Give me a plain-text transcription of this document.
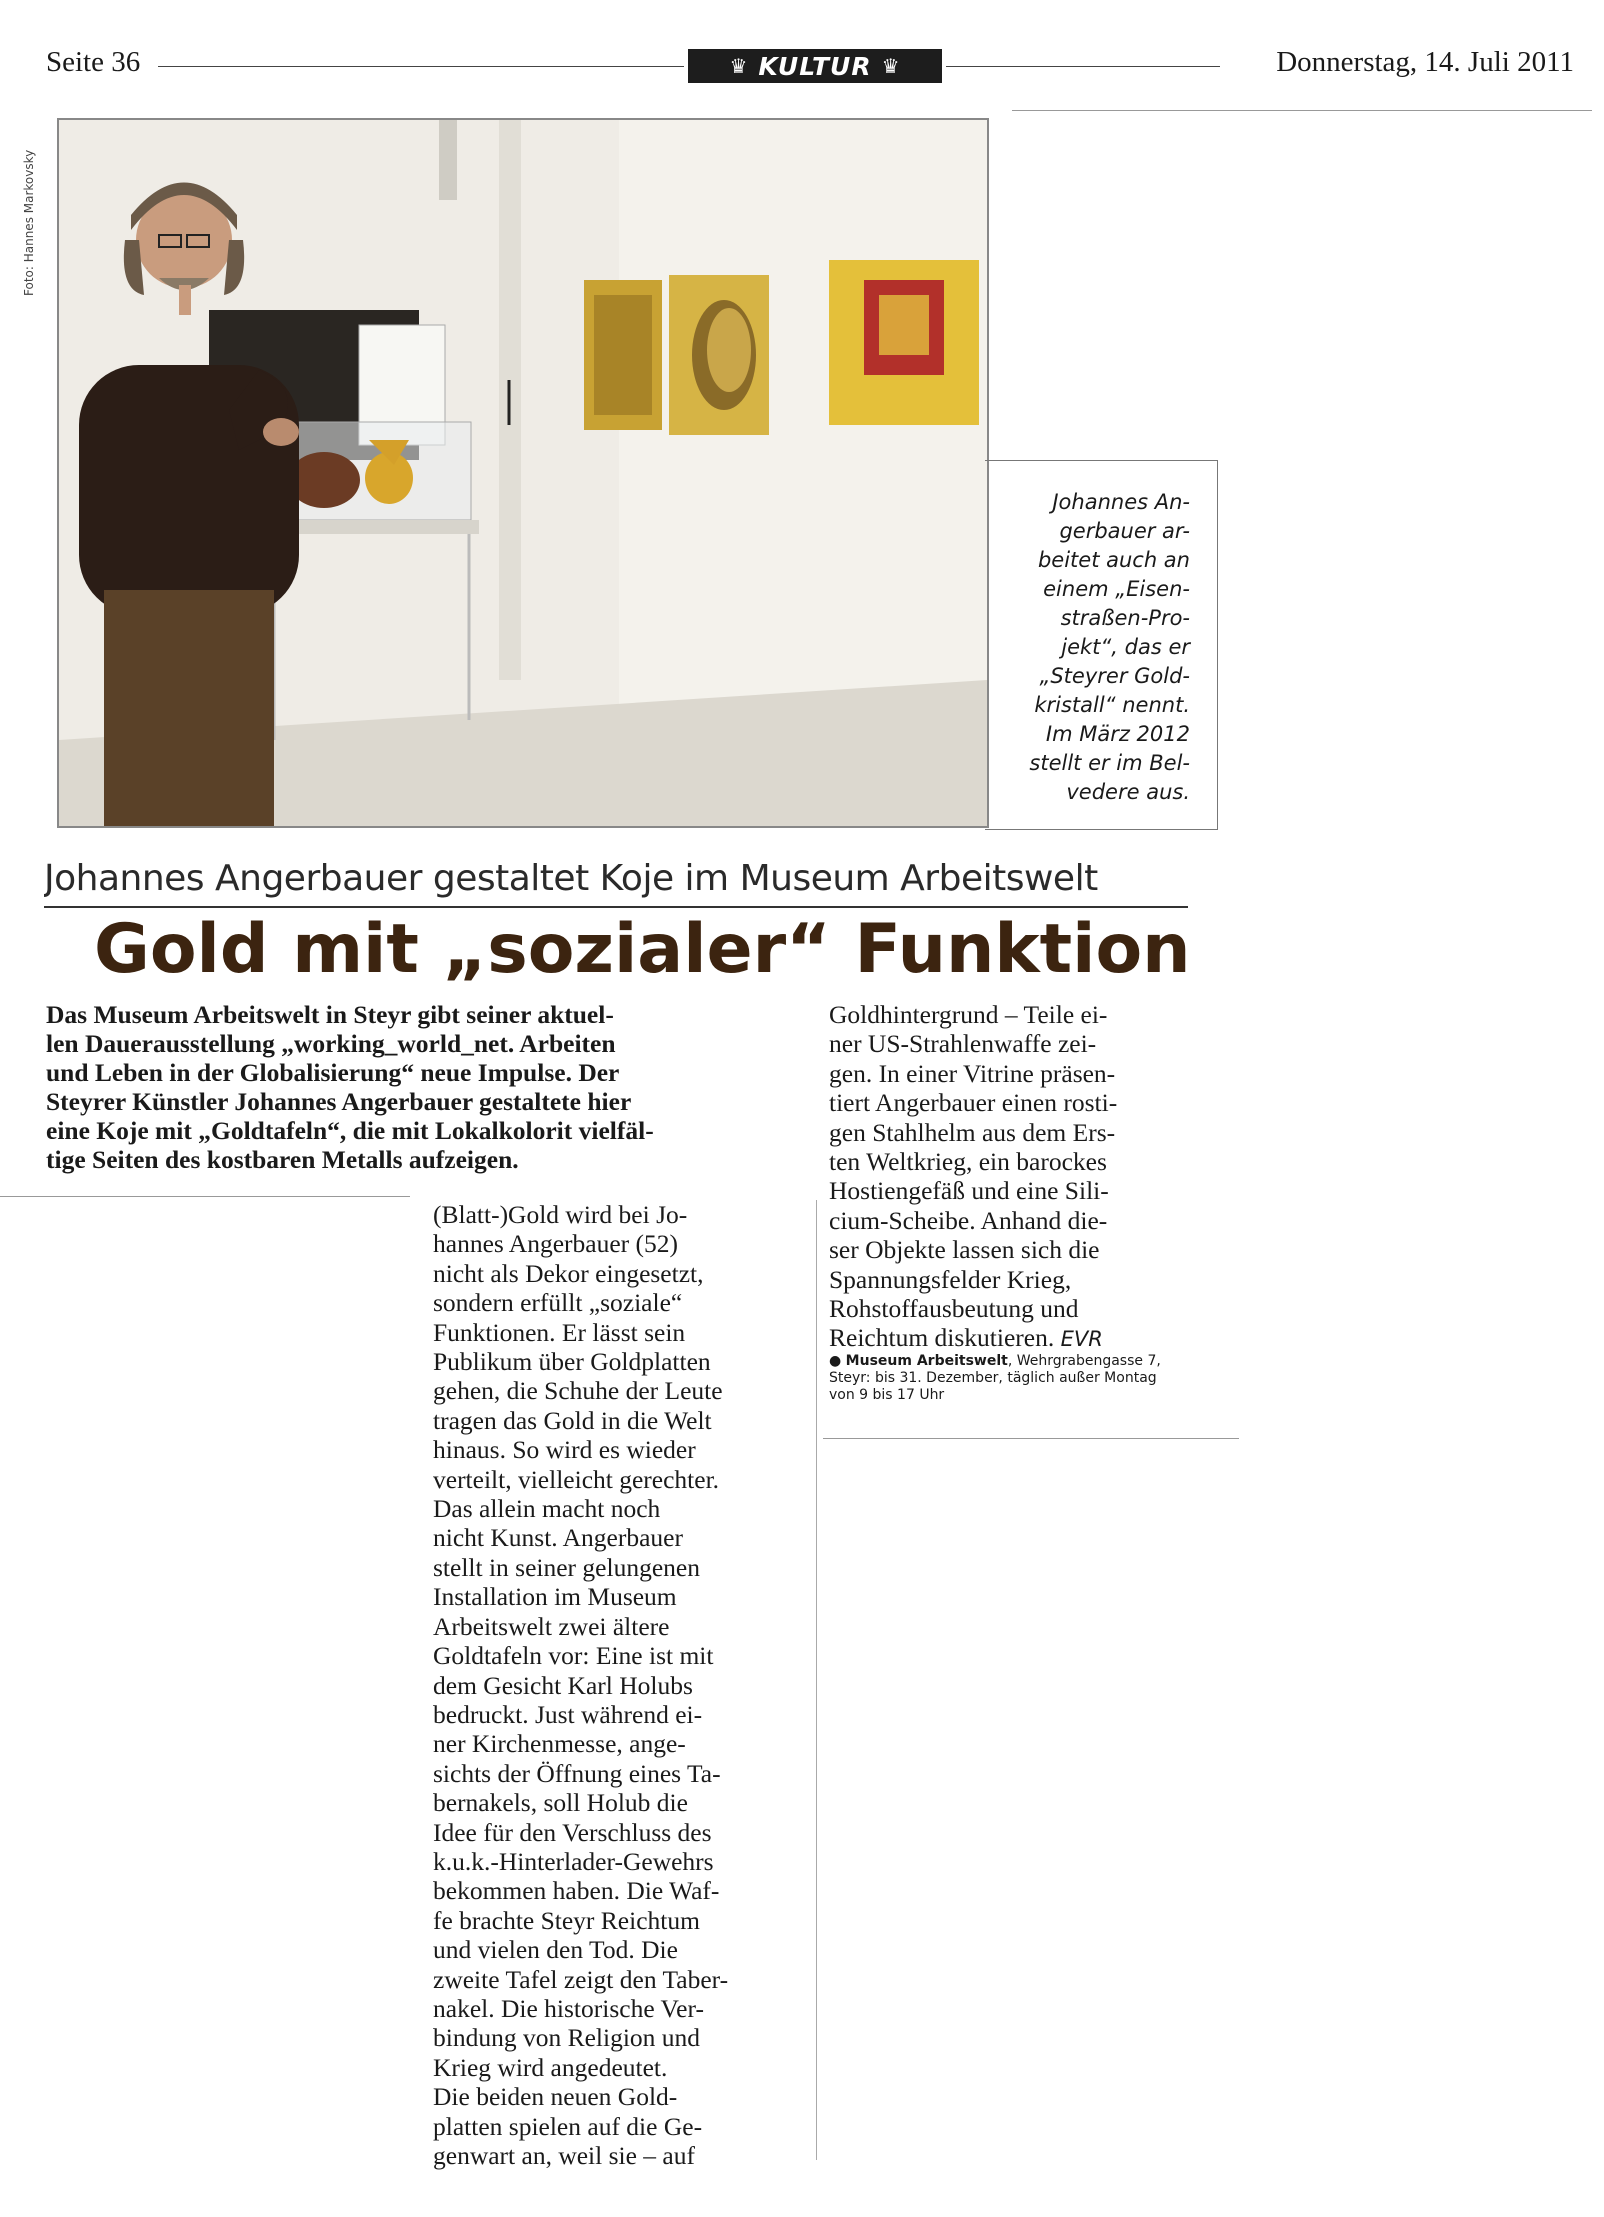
Seite 36	♛ KULTUR ♛	Donnerstag, 14. Juli 2011
Foto: Hannes Markovsky
Johannes An-
gerbauer ar-
beitet auch an
einem „Eisen-
straßen-Pro-
jekt“, das er
„Steyrer Gold-
kristall“ nennt.
Im März 2012
stellt er im Bel-
vedere aus.
Johannes Angerbauer gestaltet Koje im Museum Arbeitswelt
Gold mit „sozialer“ Funktion
Das Museum Arbeitswelt in Steyr gibt seiner aktuel-
len Dauerausstellung „working_world_net. Arbeiten
und Leben in der Globalisierung“ neue Impulse. Der
Steyrer Künstler Johannes Angerbauer gestaltete hier
eine Koje mit „Goldtafeln“, die mit Lokalkolorit vielfäl-
tige Seiten des kostbaren Metalls aufzeigen.
(Blatt-)Gold wird bei Jo-
hannes Angerbauer (52)
nicht als Dekor eingesetzt,
sondern erfüllt „soziale“
Funktionen. Er lässt sein
Publikum über Goldplatten
gehen, die Schuhe der Leute
tragen das Gold in die Welt
hinaus. So wird es wieder
verteilt, vielleicht gerechter.
Das allein macht noch
nicht Kunst. Angerbauer
stellt in seiner gelungenen
Installation im Museum
Arbeitswelt zwei ältere
Goldtafeln vor: Eine ist mit
dem Gesicht Karl Holubs
bedruckt. Just während ei-
ner Kirchenmesse, ange-
sichts der Öffnung eines Ta-
bernakels, soll Holub die
Idee für den Verschluss des
k.u.k.-Hinterlader-Gewehrs
bekommen haben. Die Waf-
fe brachte Steyr Reichtum
und vielen den Tod. Die
zweite Tafel zeigt den Taber-
nakel. Die historische Ver-
bindung von Religion und
Krieg wird angedeutet.
Die beiden neuen Gold-
platten spielen auf die Ge-
genwart an, weil sie – auf
Goldhintergrund – Teile ei-
ner US-Strahlenwaffe zei-
gen. In einer Vitrine präsen-
tiert Angerbauer einen rosti-
gen Stahlhelm aus dem Ers-
ten Weltkrieg, ein barockes
Hostiengefäß und eine Sili-
cium-Scheibe. Anhand die-
ser Objekte lassen sich die
Spannungsfelder Krieg,
Rohstoffausbeutung und
Reichtum diskutieren. EVR
● Museum Arbeitswelt, Wehrgrabengasse 7,
Steyr: bis 31. Dezember, täglich außer Montag
von 9 bis 17 Uhr
